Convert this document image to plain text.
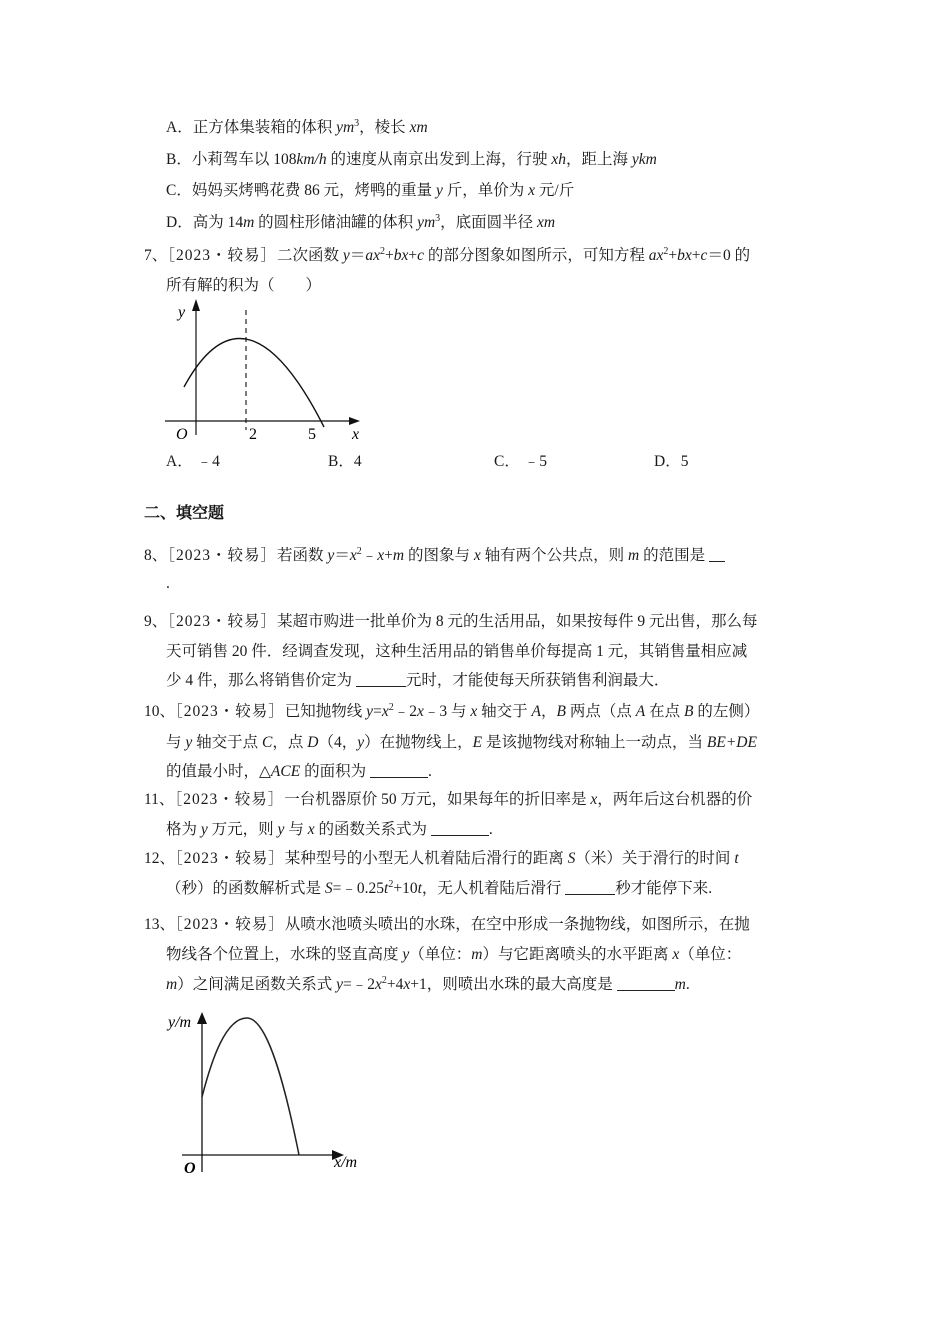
A．正方体集装箱的体积 $ym^3$，棱长 xm
B．小莉驾车以 108km/h 的速度从南京出发到上海，行驶 xh，距上海 ykm
C．妈妈买烤鸭花费 86 元，烤鸭的重量 y 斤，单价为 x 元/斤
D．高为 14m 的圆柱形储油罐的体积 $ym^3$，底面圆半径 xm
7、［2023・较易］二次函数 $y=ax^2+bx+c$ 的部分图象如图所示，可知方程 $ax^2+bx+c=0$ 的
所有解的积为（　　）
y
O	2	5 x
A． ﹣4	B．4	C． ﹣5	D．5
二、填空题
8、［2023・较易］若函数 $y=x^2﹣x+m$ 的图象与 x 轴有两个公共点，则 m 的范围是
.
9、［2023・较易］某超市购进一批单价为 8 元的生活用品，如果按每件 9 元出售，那么每
天可销售 20 件．经调查发现，这种生活用品的销售单价每提高 1 元，其销售量相应减
少 4 件，那么将销售价定为	元时，才能使每天所获销售利润最大．
10、［2023・较易］已知抛物线 $y=x^2﹣2x﹣3$ 与 x 轴交于 A，B 两点（点 A 在点 B 的左侧）
与 y 轴交于点 C，点 D（4，y）在抛物线上，E 是该抛物线对称轴上一动点，当 BE+DE
的值最小时，△ACE 的面积为	.
11、［2023・较易］一台机器原价 50 万元，如果每年的折旧率是 x，两年后这台机器的价
格为 y 万元，则 y 与 x 的函数关系式为	.
12、［2023・较易］某种型号的小型无人机着陆后滑行的距离 S（米）关于滑行的时间 t
（秒）的函数解析式是 $S=﹣0.25t^2+10t$，无人机着陆后滑行	秒才能停下来.
13、［2023・较易］从喷水池喷头喷出的水珠，在空中形成一条抛物线，如图所示，在抛
物线各个位置上，水珠的竖直高度 y（单位：m）与它距离喷头的水平距离 x（单位：
m）之间满足函数关系式 $y=﹣2x^2+4x+1$，则喷出水珠的最大高度是	m.
y/m
O	x/m
